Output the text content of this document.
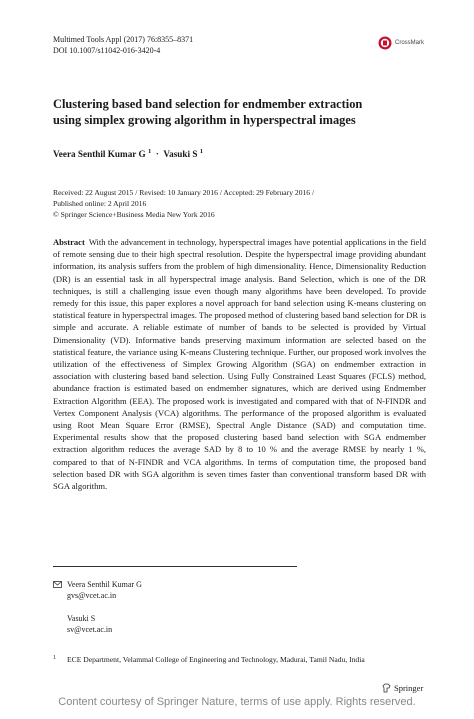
Multimed Tools Appl (2017) 76:8355–8371
DOI 10.1007/s11042-016-3420-4
CrossMark
Clustering based band selection for endmember extraction
using simplex growing algorithm in hyperspectral images
Veera Senthil Kumar G $^1$  ·  Vasuki S $^1$
Received: 22 August 2015 / Revised: 10 January 2016 / Accepted: 29 February 2016 /
Published online: 2 April 2016
© Springer Science+Business Media New York 2016
Abstract With the advancement in technology, hyperspectral images have potential applications in the field of remote sensing due to their high spectral resolution. Despite the hyperspectral image providing abundant information, its analysis suffers from the problem of high dimensionality. Hence, Dimensionality Reduction (DR) is an essential task in all hyperspectral image analysis. Band Selection, which is one of the DR techniques, is still a challenging issue even though many algorithms have been developed. To provide remedy for this issue, this paper explores a novel approach for band selection using K-means clustering on statistical feature in hyperspectral images. The proposed method of clustering based band selection for DR is simple and accurate. A reliable estimate of number of bands to be selected is provided by Virtual Dimensionality (VD). Informative bands preserving maximum information are selected based on the statistical feature, the variance using K-means Clustering technique. Further, our proposed work involves the utilization of the effectiveness of Simplex Growing Algorithm (SGA) on endmember extraction in association with clustering based band selection. Using Fully Constrained Least Squares (FCLS) method, abundance fraction is estimated based on endmember signatures, which are derived using Endmember Extraction Algorithm (EEA). The proposed work is investigated and compared with that of N-FINDR and Vertex Component Analysis (VCA) algorithms. The performance of the proposed algorithm is evaluated using Root Mean Square Error (RMSE), Spectral Angle Distance (SAD) and computation time. Experimental results show that the proposed clustering based band selection with SGA endmember extraction algorithm reduces the average SAD by 8 to 10 % and the average RMSE by nearly 1 %, compared to that of N-FINDR and VCA algorithms. In terms of computation time, the proposed band selection based DR with SGA algorithm is seven times faster than conventional transform based DR with SGA algorithm.
Veera Senthil Kumar G
gvs@vcet.ac.in
Vasuki S
sv@vcet.ac.in
1	ECE Department, Velammal College of Engineering and Technology, Madurai, Tamil Nadu, India
Springer
Content courtesy of Springer Nature, terms of use apply. Rights reserved.
